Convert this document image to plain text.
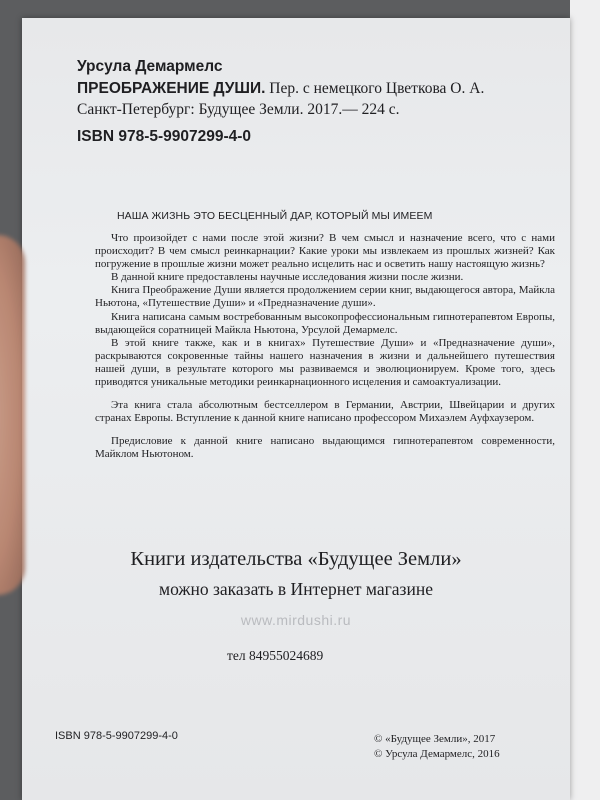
Урсула Демармелс
ПРЕОБРАЖЕНИЕ ДУШИ. Пер. с немецкого Цветкова О. А.
Санкт-Петербург: Будущее Земли. 2017.— 224 с.
ISBN 978-5-9907299-4-0
НАША ЖИЗНЬ ЭТО БЕСЦЕННЫЙ ДАР, КОТОРЫЙ МЫ ИМЕЕМ

Что произойдет с нами после этой жизни? В чем смысл и назначение всего, что с нами происходит? В чем смысл реинкарнации? Какие уроки мы извлекаем из прошлых жизней? Как погружение в прошлые жизни может реально исцелить нас и осветить нашу настоящую жизнь?

В данной книге предоставлены научные исследования жизни после жизни.

Книга Преображение Души является продолжением серии книг, выдающегося автора, Майкла Ньютона, «Путешествие Души» и «Предназначение души».

Книга написана самым востребованным высокопрофессиональным гипнотерапевтом Европы, выдающейся соратницей Майкла Ньютона, Урсулой Демармелс.

В этой книге также, как и в книгах» Путешествие Души» и «Предназначение души», раскрываются сокровенные тайны нашего назначения в жизни и дальнейшего путешествия нашей души, в результате которого мы развиваемся и эволюционируем. Кроме того, здесь приводятся уникальные методики реинкарнационного исцеления и самоактуализации.

Эта книга стала абсолютным бестселлером в Германии, Австрии, Швейцарии и других странах Европы. Вступление к данной книге написано профессором Михаэлем Ауфхаузером.

Предисловие к данной книге написано выдающимся гипнотерапевтом современности, Майклом Ньютоном.

Книги издательства «Будущее Земли»
можно заказать в Интернет магазине
www.mirdushi.ru
тел 84955024689
ISBN 978-5-9907299-4-0	© «Будущее Земли», 2017
© Урсула Демармелс, 2016
